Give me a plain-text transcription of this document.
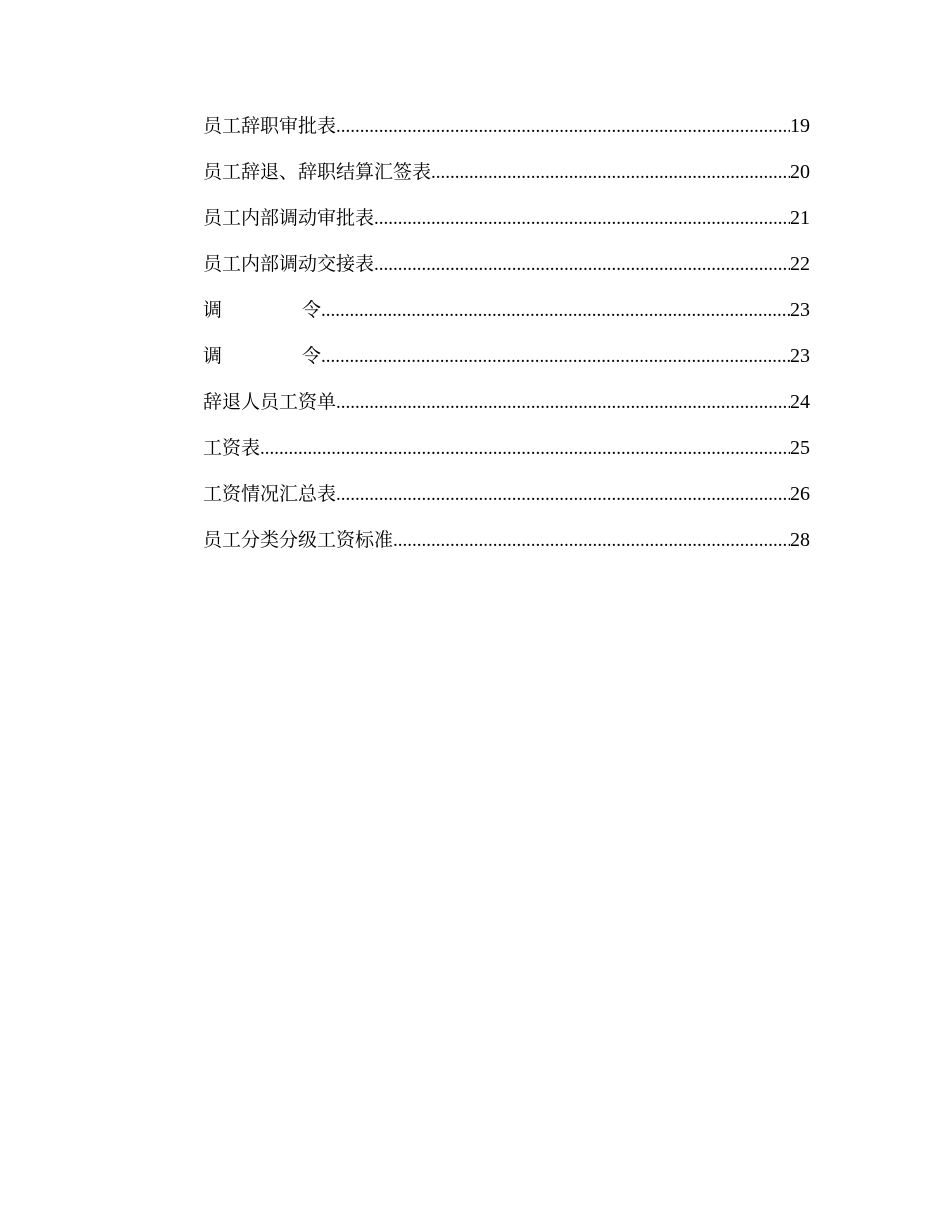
员工辞职审批表 .....	19
员工辞退、辞职结算汇签表 .....	20
员工内部调动审批表 .....	21
员工内部调动交接表 .....	22
调	令 .....	23
调	令 .....	23
辞退人员工资单 .....	24
工资表 .....	25
工资情况汇总表 .....	26
员工分类分级工资标准 .....	28
